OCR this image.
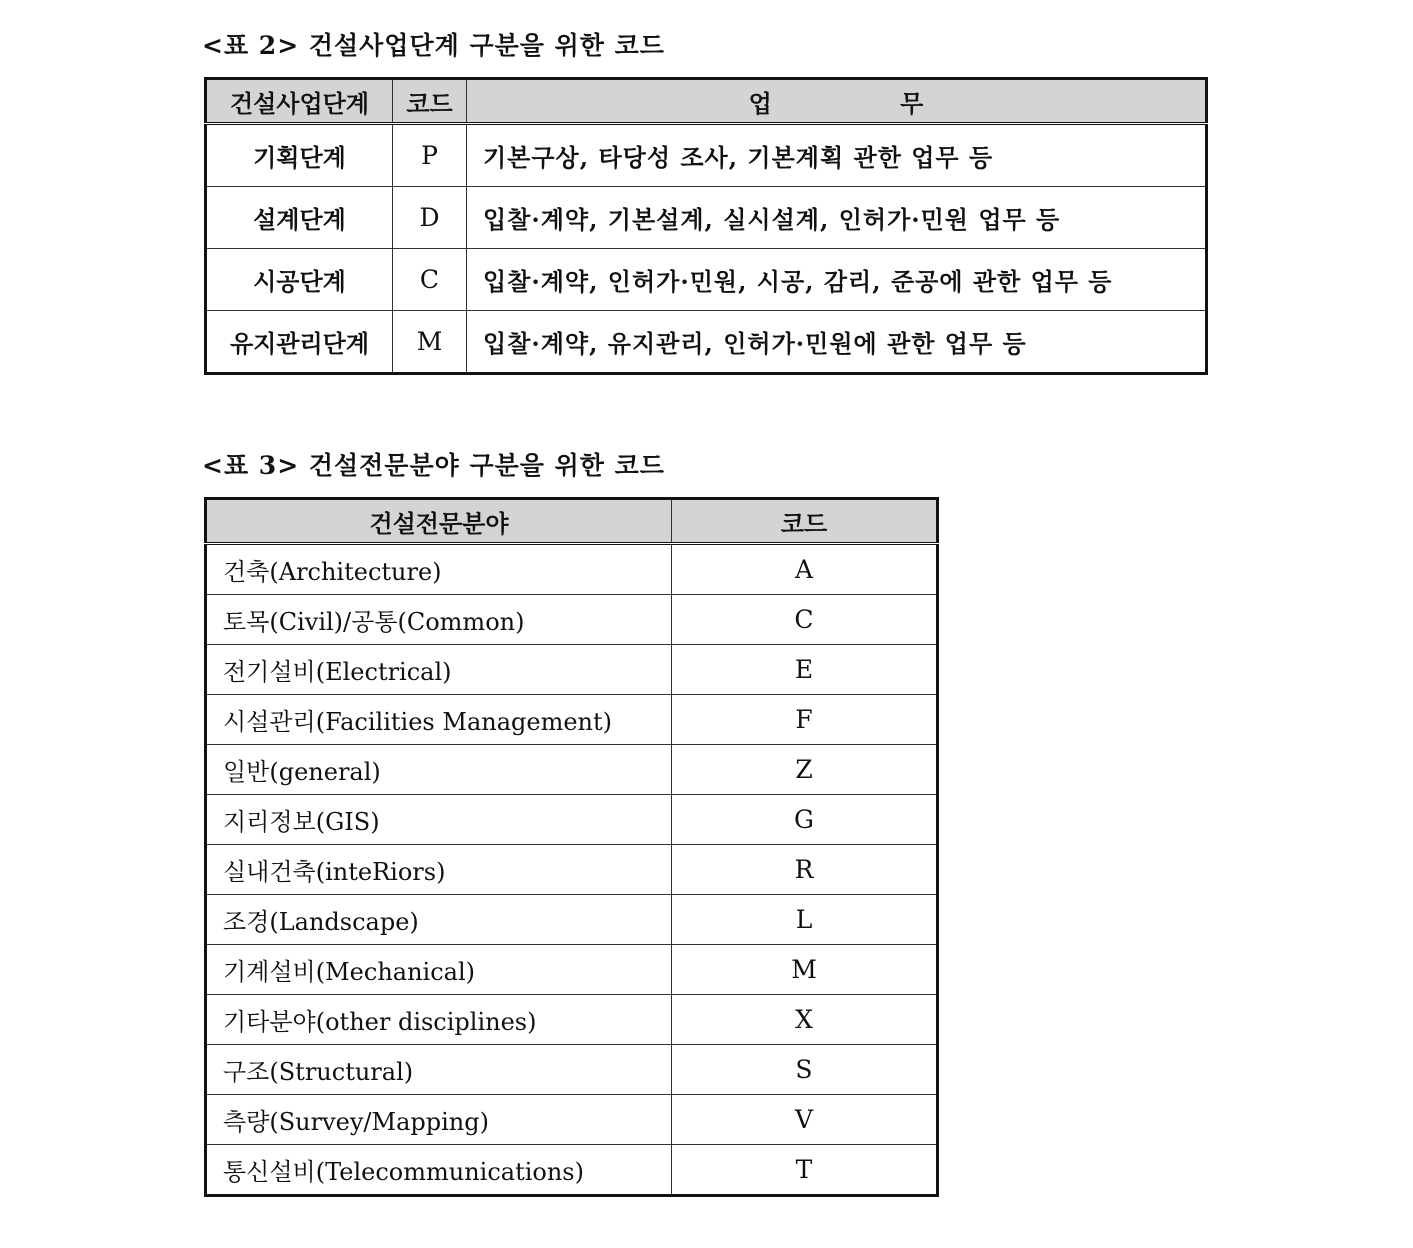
<표 2> 건설사업단계 구분을 위한 코드
건설사업단계	코드	업 무
기획단계	P	기본구상, 타당성 조사, 기본계획 관한 업무 등
설계단계	D	입찰·계약, 기본설계, 실시설계, 인허가·민원 업무 등
시공단계	C	입찰·계약, 인허가·민원, 시공, 감리, 준공에 관한 업무 등
유지관리단계	M	입찰·계약, 유지관리, 인허가·민원에 관한 업무 등
<표 3> 건설전문분야 구분을 위한 코드
건설전문분야	코드
건축(Architecture)	A
토목(Civil)/공통(Common)	C
전기설비(Electrical)	E
시설관리(Facilities Management)	F
일반(general)	Z
지리정보(GIS)	G
실내건축(inteRiors)	R
조경(Landscape)	L
기계설비(Mechanical)	M
기타분야(other disciplines)	X
구조(Structural)	S
측량(Survey/Mapping)	V
통신설비(Telecommunications)	T
